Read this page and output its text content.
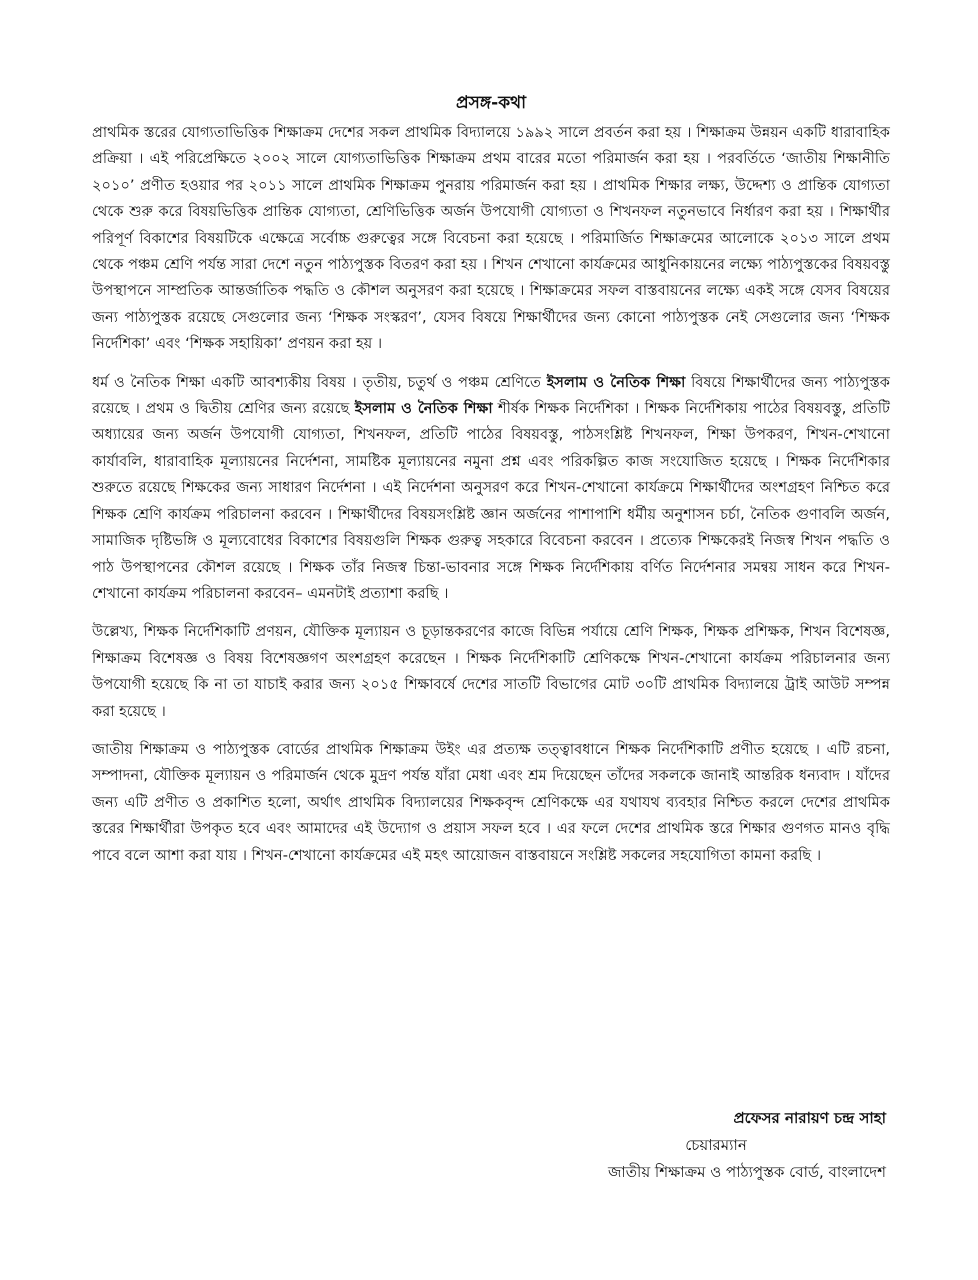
প্রসঙ্গ-কথা

প্রাথমিক স্তরের যোগ্যতাভিত্তিক শিক্ষাক্রম দেশের সকল প্রাথমিক বিদ্যালয়ে ১৯৯২ সালে প্রবর্তন করা হয় । শিক্ষাক্রম উন্নয়ন একটি ধারাবাহিক প্রক্রিয়া । এই পরিপ্রেক্ষিতে ২০০২ সালে যোগ্যতাভিত্তিক শিক্ষাক্রম প্রথম বারের মতো পরিমার্জন করা হয় । পরবর্তিতে ‘জাতীয় শিক্ষানীতি ২০১০’ প্রণীত হওয়ার পর ২০১১ সালে প্রাথমিক শিক্ষাক্রম পুনরায় পরিমার্জন করা হয় । প্রাথমিক শিক্ষার লক্ষ্য, উদ্দেশ্য ও প্রান্তিক যোগ্যতা থেকে শুরু করে বিষয়ভিত্তিক প্রান্তিক যোগ্যতা, শ্রেণিভিত্তিক অর্জন উপযোগী যোগ্যতা ও শিখনফল নতুনভাবে নির্ধারণ করা হয় । শিক্ষার্থীর পরিপূর্ণ বিকাশের বিষয়টিকে এক্ষেত্রে সর্বোচ্চ গুরুত্বের সঙ্গে বিবেচনা করা হয়েছে । পরিমার্জিত শিক্ষাক্রমের আলোকে ২০১৩ সালে প্রথম থেকে পঞ্চম শ্রেণি পর্যন্ত সারা দেশে নতুন পাঠ্যপুস্তক বিতরণ করা হয় । শিখন শেখানো কার্যক্রমের আধুনিকায়নের লক্ষ্যে পাঠ্যপুস্তকের বিষয়বস্তু উপস্থাপনে সাম্প্রতিক আন্তর্জাতিক পদ্ধতি ও কৌশল অনুসরণ করা হয়েছে । শিক্ষাক্রমের সফল বাস্তবায়নের লক্ষ্যে একই সঙ্গে যেসব বিষয়ের জন্য পাঠ্যপুস্তক রয়েছে সেগুলোর জন্য ‘শিক্ষক সংস্করণ’, যেসব বিষয়ে শিক্ষার্থীদের জন্য কোনো পাঠ্যপুস্তক নেই সেগুলোর জন্য ‘শিক্ষক নির্দেশিকা’ এবং ‘শিক্ষক সহায়িকা’ প্রণয়ন করা হয় ।

ধর্ম ও নৈতিক শিক্ষা একটি আবশ্যকীয় বিষয় । তৃতীয়, চতুর্থ ও পঞ্চম শ্রেণিতে ইসলাম ও নৈতিক শিক্ষা বিষয়ে শিক্ষার্থীদের জন্য পাঠ্যপুস্তক রয়েছে । প্রথম ও দ্বিতীয় শ্রেণির জন্য রয়েছে ইসলাম ও নৈতিক শিক্ষা শীর্ষক শিক্ষক নির্দেশিকা । শিক্ষক নির্দেশিকায় পাঠের বিষয়বস্তু, প্রতিটি অধ্যায়ের জন্য অর্জন উপযোগী যোগ্যতা, শিখনফল, প্রতিটি পাঠের বিষয়বস্তু, পাঠসংশ্লিষ্ট শিখনফল, শিক্ষা উপকরণ, শিখন-শেখানো কার্যাবলি, ধারাবাহিক মূল্যায়নের নির্দেশনা, সামষ্টিক মূল্যায়নের নমুনা প্রশ্ন এবং পরিকল্পিত কাজ সংযোজিত হয়েছে । শিক্ষক নির্দেশিকার শুরুতে রয়েছে শিক্ষকের জন্য সাধারণ নির্দেশনা । এই নির্দেশনা অনুসরণ করে শিখন-শেখানো কার্যক্রমে শিক্ষার্থীদের অংশগ্রহণ নিশ্চিত করে শিক্ষক শ্রেণি কার্যক্রম পরিচালনা করবেন । শিক্ষার্থীদের বিষয়সংশ্লিষ্ট জ্ঞান অর্জনের পাশাপাশি ধর্মীয় অনুশাসন চর্চা, নৈতিক গুণাবলি অর্জন, সামাজিক দৃষ্টিভঙ্গি ও মূল্যবোধের বিকাশের বিষয়গুলি শিক্ষক গুরুত্ব সহকারে বিবেচনা করবেন । প্রত্যেক শিক্ষকেরই নিজস্ব শিখন পদ্ধতি ও পাঠ উপস্থাপনের কৌশল রয়েছে । শিক্ষক তাঁর নিজস্ব চিন্তা-ভাবনার সঙ্গে শিক্ষক নির্দেশিকায় বর্ণিত নির্দেশনার সমন্বয় সাধন করে শিখন-শেখানো কার্যক্রম পরিচালনা করবেন– এমনটাই প্রত্যাশা করছি ।

উল্লেখ্য, শিক্ষক নির্দেশিকাটি প্রণয়ন, যৌক্তিক মূল্যায়ন ও চূড়ান্তকরণের কাজে বিভিন্ন পর্যায়ে শ্রেণি শিক্ষক, শিক্ষক প্রশিক্ষক, শিখন বিশেষজ্ঞ, শিক্ষাক্রম বিশেষজ্ঞ ও বিষয় বিশেষজ্ঞগণ অংশগ্রহণ করেছেন । শিক্ষক নির্দেশিকাটি শ্রেণিকক্ষে শিখন-শেখানো কার্যক্রম পরিচালনার জন্য উপযোগী হয়েছে কি না তা যাচাই করার জন্য ২০১৫ শিক্ষাবর্ষে দেশের সাতটি বিভাগের মোট ৩০টি প্রাথমিক বিদ্যালয়ে ট্রাই আউট সম্পন্ন করা হয়েছে ।

জাতীয় শিক্ষাক্রম ও পাঠ্যপুস্তক বোর্ডের প্রাথমিক শিক্ষাক্রম উইং এর প্রত্যক্ষ তত্ত্বাবধানে শিক্ষক নির্দেশিকাটি প্রণীত হয়েছে । এটি রচনা, সম্পাদনা, যৌক্তিক মূল্যায়ন ও পরিমার্জন থেকে মুদ্রণ পর্যন্ত যাঁরা মেধা এবং শ্রম দিয়েছেন তাঁদের সকলকে জানাই আন্তরিক ধন্যবাদ । যাঁদের জন্য এটি প্রণীত ও প্রকাশিত হলো, অর্থাৎ প্রাথমিক বিদ্যালয়ের শিক্ষকবৃন্দ শ্রেণিকক্ষে এর যথাযথ ব্যবহার নিশ্চিত করলে দেশের প্রাথমিক স্তরের শিক্ষার্থীরা উপকৃত হবে এবং আমাদের এই উদ্যোগ ও প্রয়াস সফল হবে । এর ফলে দেশের প্রাথমিক স্তরে শিক্ষার গুণগত মানও বৃদ্ধি পাবে বলে আশা করা যায় । শিখন-শেখানো কার্যক্রমের এই মহৎ আয়োজন বাস্তবায়নে সংশ্লিষ্ট সকলের সহযোগিতা কামনা করছি ।

প্রফেসর নারায়ণ চন্দ্র সাহা
চেয়ারম্যান
জাতীয় শিক্ষাক্রম ও পাঠ্যপুস্তক বোর্ড, বাংলাদেশ
